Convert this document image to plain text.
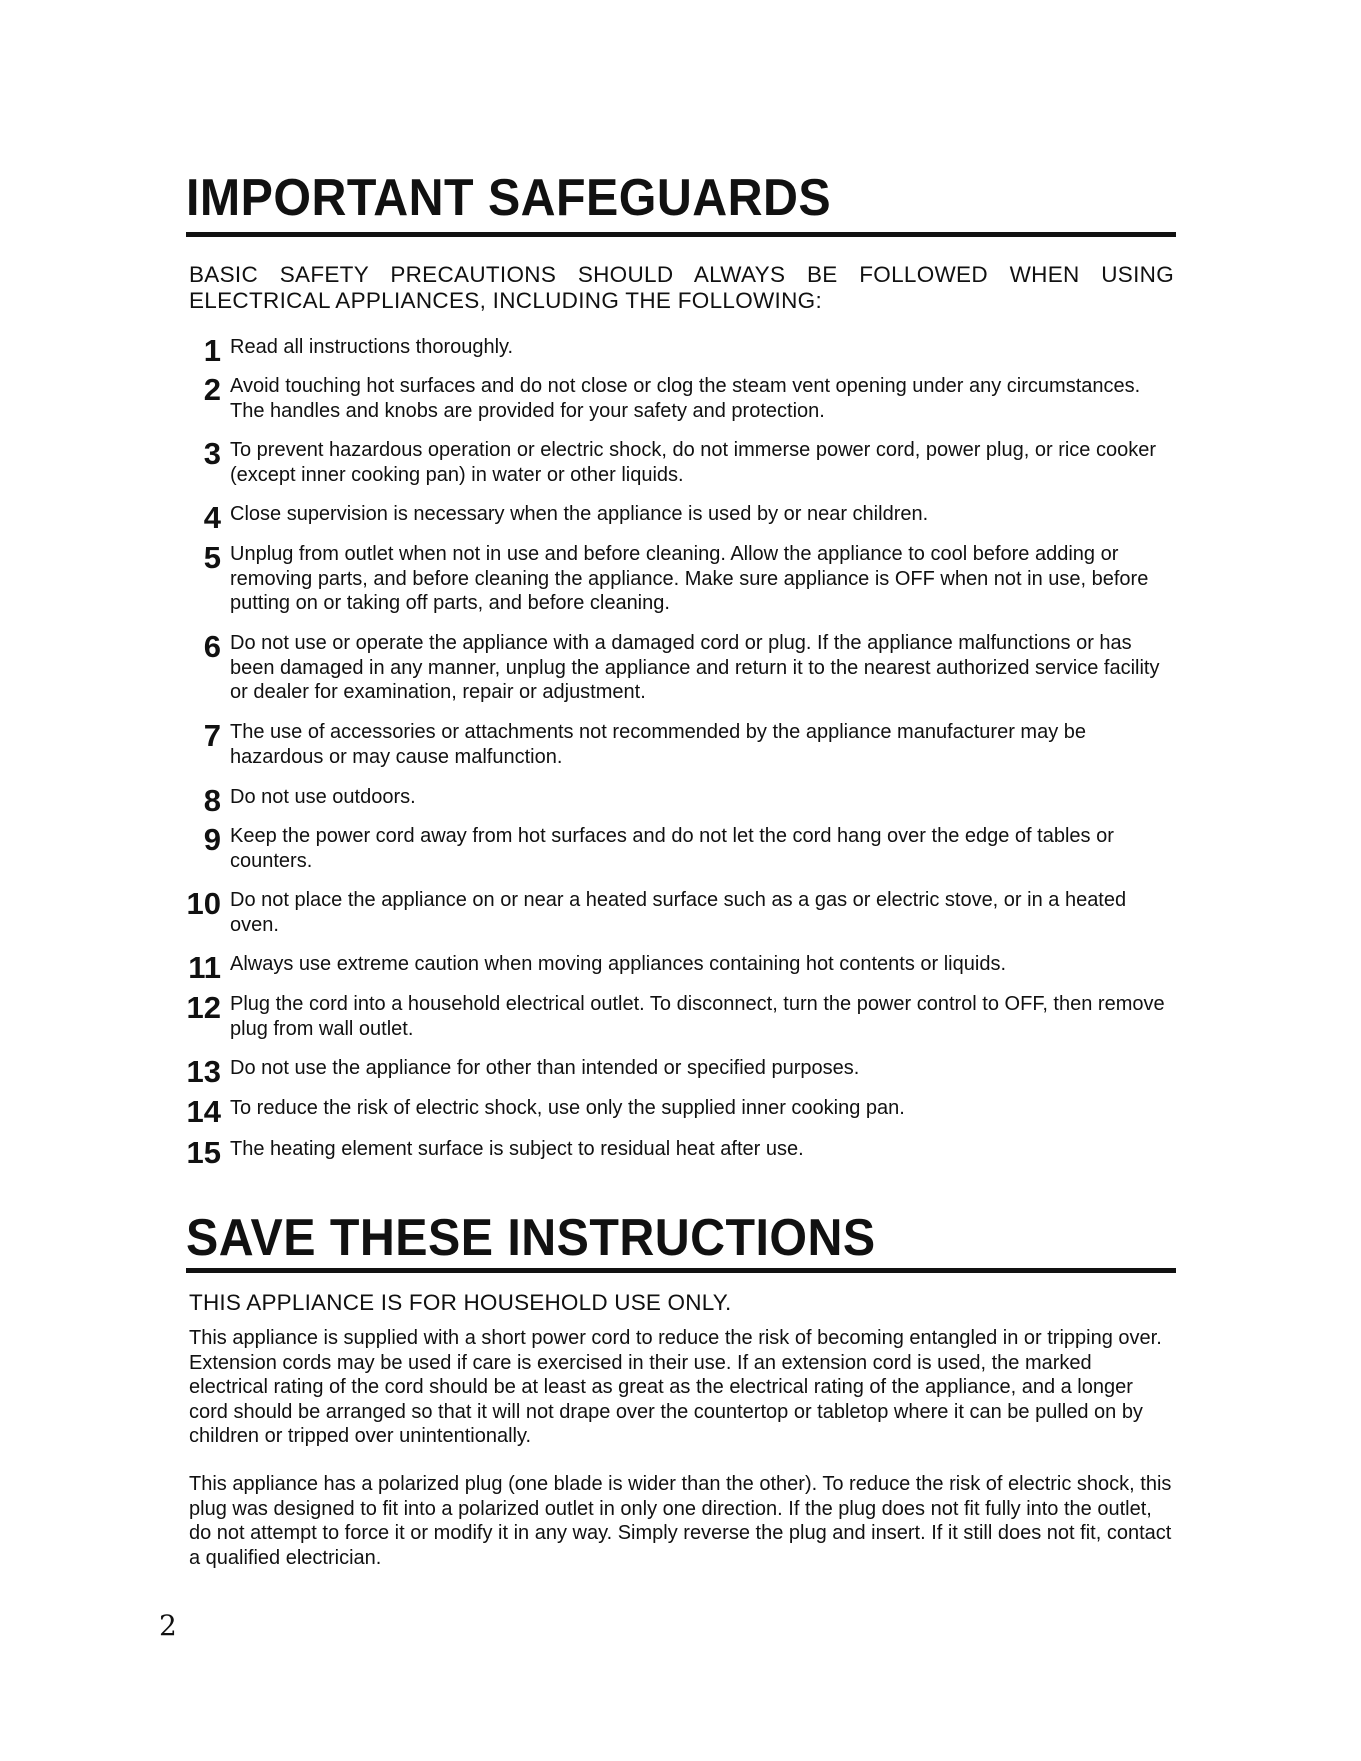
IMPORTANT SAFEGUARDS

BASIC SAFETY PRECAUTIONS SHOULD ALWAYS BE FOLLOWED WHEN USING ELECTRICAL APPLIANCES, INCLUDING THE FOLLOWING:

1 Read all instructions thoroughly.
2 Avoid touching hot surfaces and do not close or clog the steam vent opening under any circumstances. The handles and knobs are provided for your safety and protection.
3 To prevent hazardous operation or electric shock, do not immerse power cord, power plug, or rice cooker (except inner cooking pan) in water or other liquids.
4 Close supervision is necessary when the appliance is used by or near children.
5 Unplug from outlet when not in use and before cleaning. Allow the appliance to cool before adding or removing parts, and before cleaning the appliance. Make sure appliance is OFF when not in use, before putting on or taking off parts, and before cleaning.
6 Do not use or operate the appliance with a damaged cord or plug. If the appliance malfunctions or has been damaged in any manner, unplug the appliance and return it to the nearest authorized service facility or dealer for examination, repair or adjustment.
7 The use of accessories or attachments not recommended by the appliance manufacturer may be hazardous or may cause malfunction.
8 Do not use outdoors.
9 Keep the power cord away from hot surfaces and do not let the cord hang over the edge of tables or counters.
10 Do not place the appliance on or near a heated surface such as a gas or electric stove, or in a heated oven.
11 Always use extreme caution when moving appliances containing hot contents or liquids.
12 Plug the cord into a household electrical outlet. To disconnect, turn the power control to OFF, then remove plug from wall outlet.
13 Do not use the appliance for other than intended or specified purposes.
14 To reduce the risk of electric shock, use only the supplied inner cooking pan.
15 The heating element surface is subject to residual heat after use.
SAVE THESE INSTRUCTIONS

THIS APPLIANCE IS FOR HOUSEHOLD USE ONLY.

This appliance is supplied with a short power cord to reduce the risk of becoming entangled in or tripping over. Extension cords may be used if care is exercised in their use. If an extension cord is used, the marked electrical rating of the cord should be at least as great as the electrical rating of the appliance, and a longer cord should be arranged so that it will not drape over the countertop or tabletop where it can be pulled on by children or tripped over unintentionally.

This appliance has a polarized plug (one blade is wider than the other). To reduce the risk of electric shock, this plug was designed to fit into a polarized outlet in only one direction. If the plug does not fit fully into the outlet, do not attempt to force it or modify it in any way. Simply reverse the plug and insert. If it still does not fit, contact a qualified electrician.

2
